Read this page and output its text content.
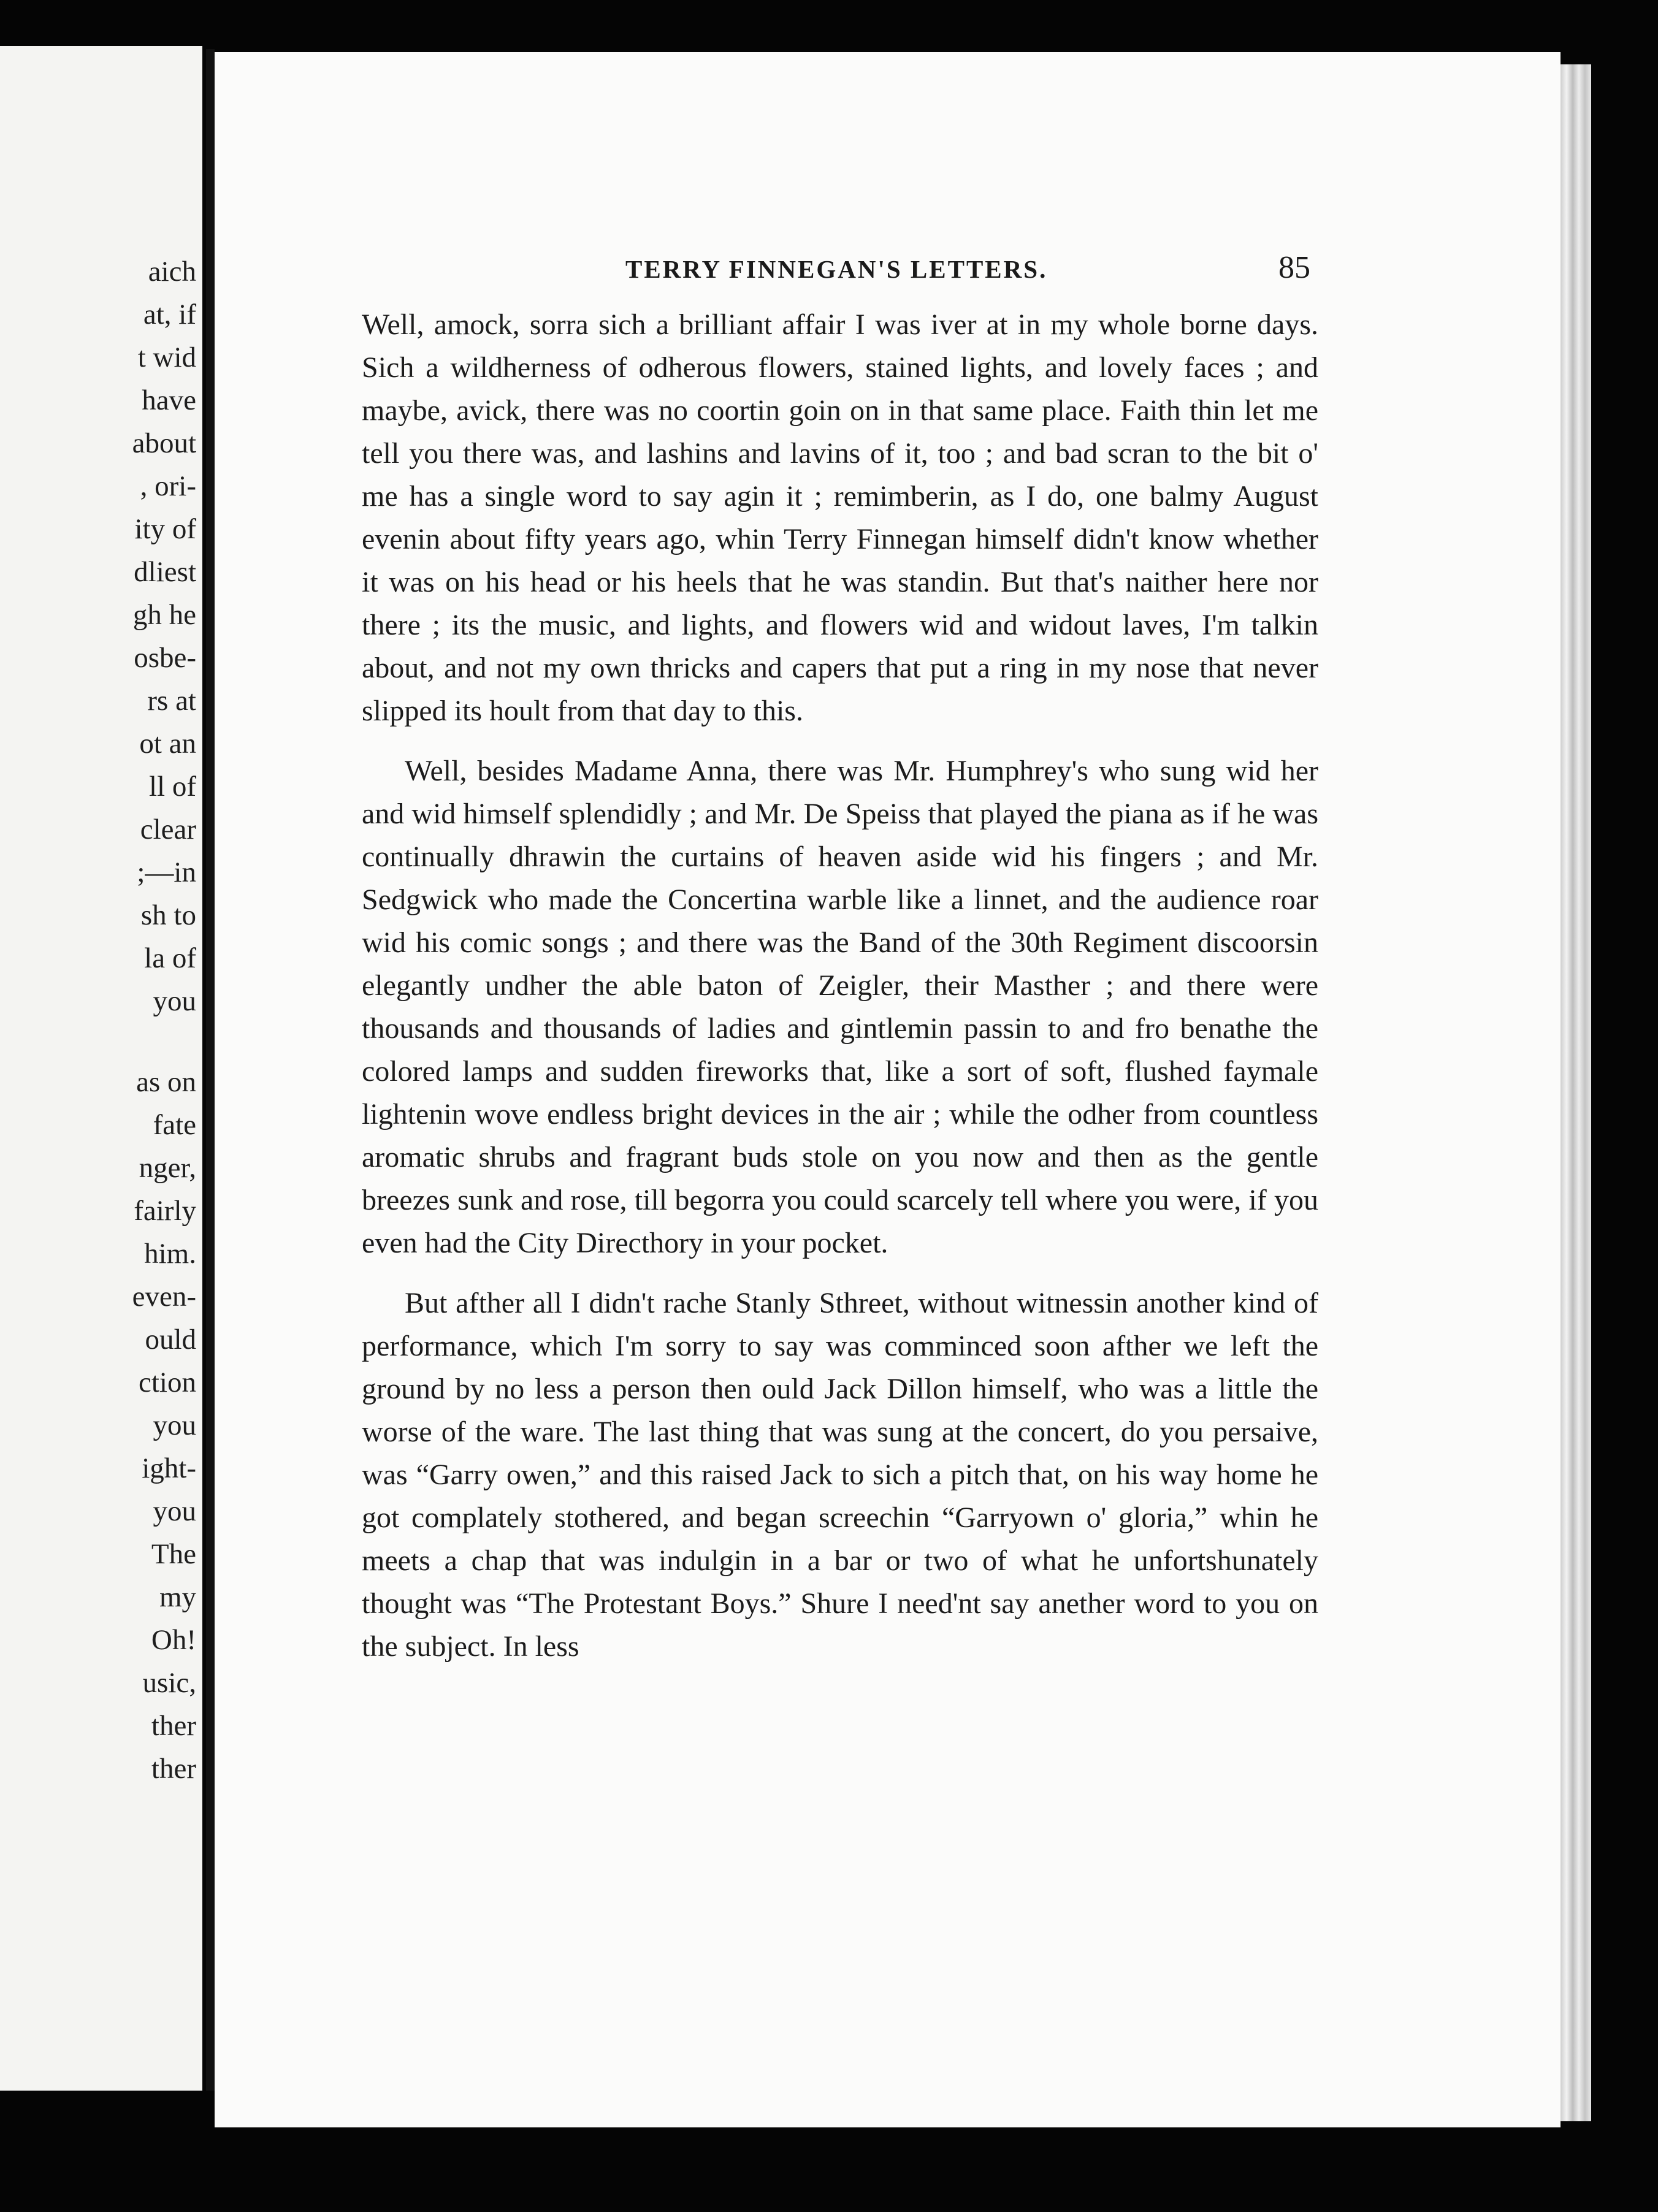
aich
at, if
t wid
have
about
, ori-
ity of
dliest
gh he
osbe-
rs at
ot an
ll of
clear
;—in
sh to
la of
you
as on
fate
nger,
fairly
him.
even-
ould
ction
you
ight-
you
The
my
Oh!
usic,
ther
ther
TERRY FINNEGAN'S LETTERS.	85

Well, amock, sorra sich a brilliant affair I was iver at in my whole borne days. Sich a wildherness of odherous flowers, stained lights, and lovely faces ; and maybe, avick, there was no coortin goin on in that same place. Faith thin let me tell you there was, and lashins and lavins of it, too ; and bad scran to the bit o' me has a single word to say agin it ; remimberin, as I do, one balmy August evenin about fifty years ago, whin Terry Finnegan himself didn't know whether it was on his head or his heels that he was standin. But that's naither here nor there ; its the music, and lights, and flowers wid and widout laves, I'm talkin about, and not my own thricks and capers that put a ring in my nose that never slipped its hoult from that day to this.

Well, besides Madame Anna, there was Mr. Humphrey's who sung wid her and wid himself splendidly ; and Mr. De Speiss that played the piana as if he was continually dhrawin the curtains of heaven aside wid his fingers ; and Mr. Sedgwick who made the Concertina warble like a linnet, and the audience roar wid his comic songs ; and there was the Band of the 30th Regiment discoorsin elegantly undher the able baton of Zeigler, their Masther ; and there were thousands and thousands of ladies and gintlemin passin to and fro benathe the colored lamps and sudden fireworks that, like a sort of soft, flushed faymale lightenin wove endless bright devices in the air ; while the odher from countless aromatic shrubs and fragrant buds stole on you now and then as the gentle breezes sunk and rose, till begorra you could scarcely tell where you were, if you even had the City Directhory in your pocket.

But afther all I didn't rache Stanly Sthreet, without witnessin another kind of performance, which I'm sorry to say was comminced soon afther we left the ground by no less a person then ould Jack Dillon himself, who was a little the worse of the ware. The last thing that was sung at the concert, do you persaive, was “Garry owen,” and this raised Jack to sich a pitch that, on his way home he got complately stothered, and began screechin “Garryown o' gloria,” whin he meets a chap that was indulgin in a bar or two of what he unfortshunately thought was “The Protestant Boys.” Shure I need'nt say anether word to you on the subject. In less
